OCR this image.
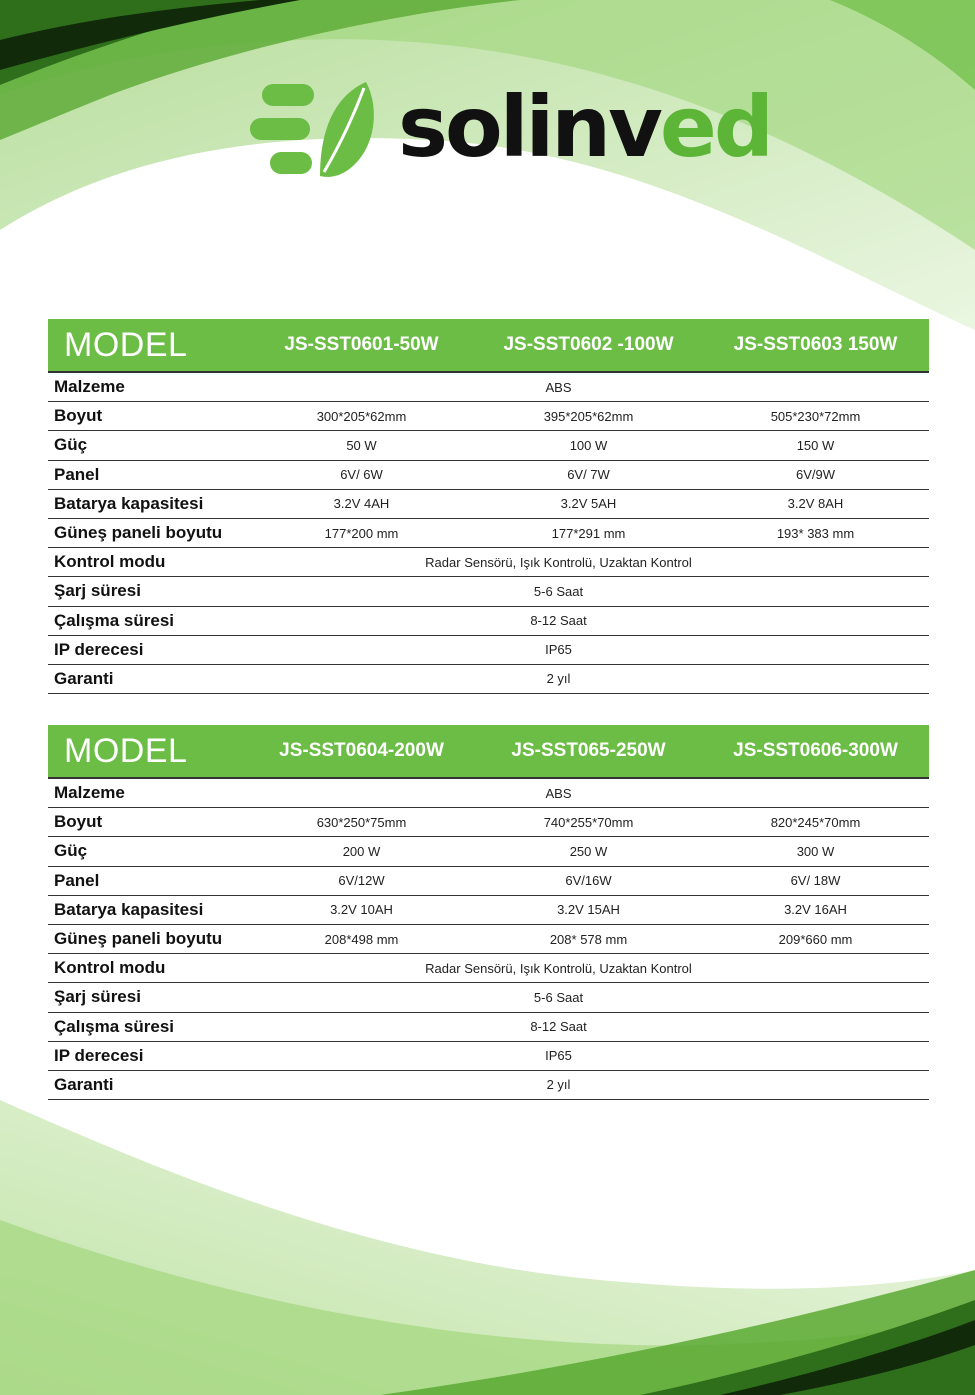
solinved
MODEL	JS-SST0601-50W	JS-SST0602 -100W	JS-SST0603 150W
Malzeme	ABS
Boyut	300*205*62mm	395*205*62mm	505*230*72mm
Güç	50 W	100 W	150 W
Panel	6V/ 6W	6V/ 7W	6V/9W
Batarya kapasitesi	3.2V 4AH	3.2V 5AH	3.2V 8AH
Güneş paneli boyutu	177*200 mm	177*291 mm	193* 383 mm
Kontrol modu	Radar Sensörü, Işık Kontrolü, Uzaktan Kontrol
Şarj süresi	5-6 Saat
Çalışma süresi	8-12 Saat
IP derecesi	IP65
Garanti	2 yıl
MODEL	JS-SST0604-200W	JS-SST065-250W	JS-SST0606-300W
Malzeme	ABS
Boyut	630*250*75mm	740*255*70mm	820*245*70mm
Güç	200 W	250 W	300 W
Panel	6V/12W	6V/16W	6V/ 18W
Batarya kapasitesi	3.2V 10AH	3.2V 15AH	3.2V 16AH
Güneş paneli boyutu	208*498 mm	208* 578 mm	209*660 mm
Kontrol modu	Radar Sensörü, Işık Kontrolü, Uzaktan Kontrol
Şarj süresi	5-6 Saat
Çalışma süresi	8-12 Saat
IP derecesi	IP65
Garanti	2 yıl
